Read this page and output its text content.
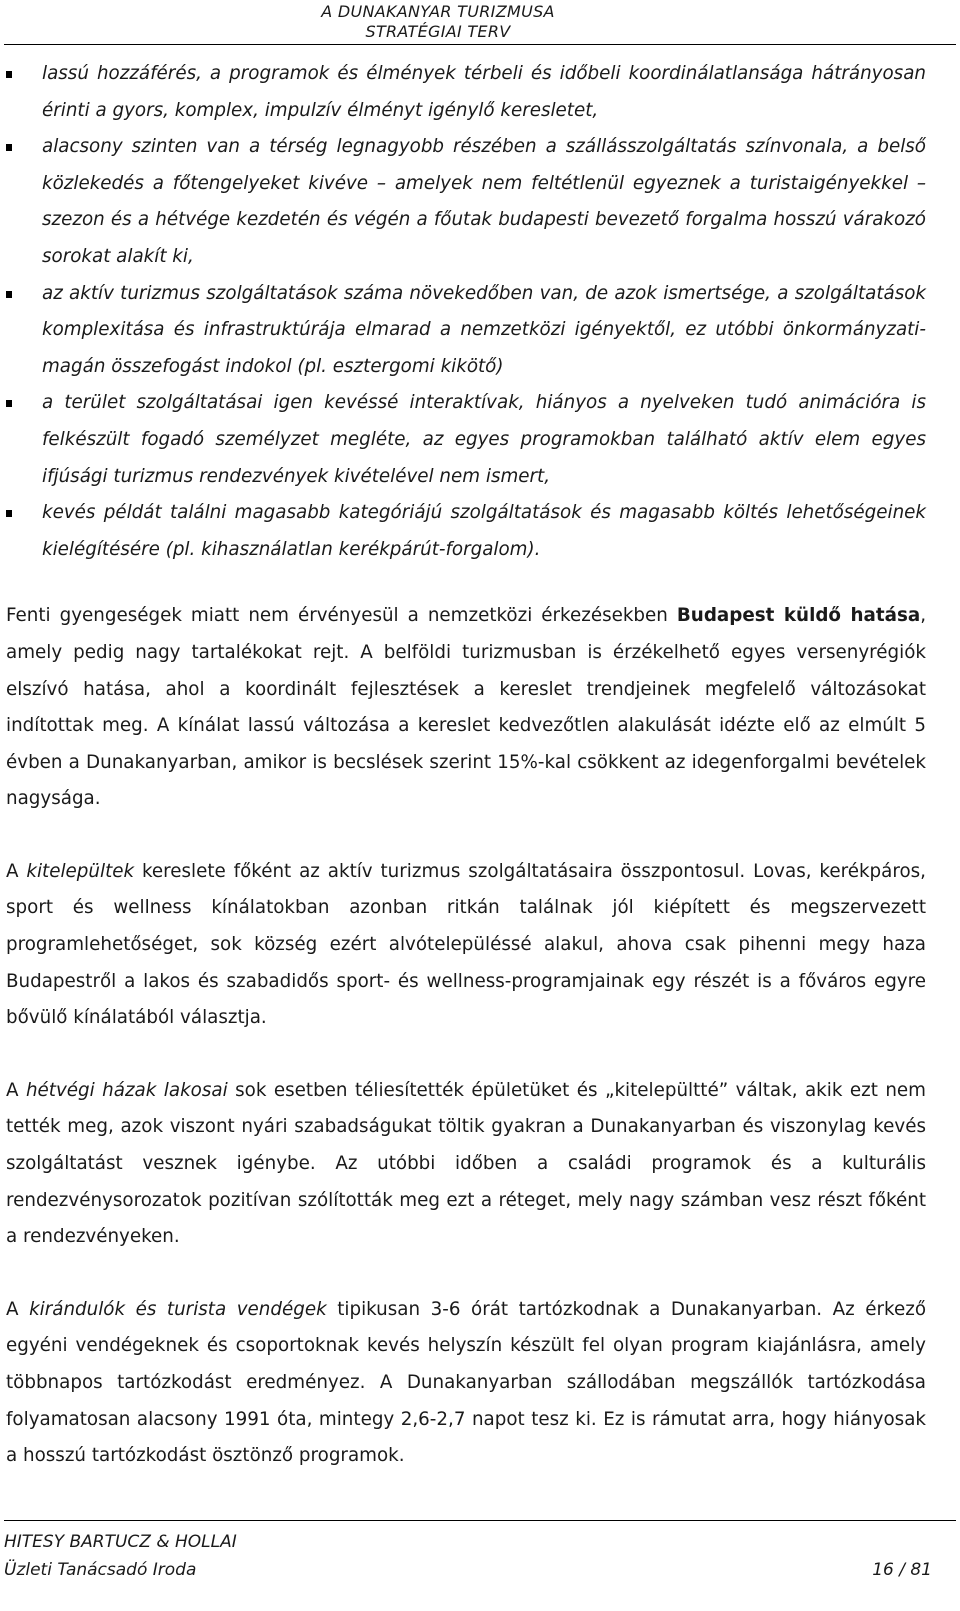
A DUNAKANYAR TURIZMUSA
STRATÉGIAI TERV
lassú hozzáférés, a programok és élmények térbeli és időbeli koordinálatlansága hátrányosan érinti a gyors, komplex, impulzív élményt igénylő keresletet,
alacsony szinten van a térség legnagyobb részében a szállásszolgáltatás színvonala, a belső közlekedés a főtengelyeket kivéve – amelyek nem feltétlenül egyeznek a turistaigényekkel – szezon és a hétvége kezdetén és végén a főutak budapesti bevezető forgalma hosszú várakozó sorokat alakít ki,
az aktív turizmus szolgáltatások száma növekedőben van, de azok ismertsége, a szolgáltatások komplexitása és infrastruktúrája elmarad a nemzetközi igényektől, ez utóbbi önkormányzati-magán összefogást indokol (pl. esztergomi kikötő)
a terület szolgáltatásai igen kevéssé interaktívak, hiányos a nyelveken tudó animációra is felkészült fogadó személyzet megléte, az egyes programokban található aktív elem egyes ifjúsági turizmus rendezvények kivételével nem ismert,
kevés példát találni magasabb kategóriájú szolgáltatások és magasabb költés lehetőségeinek kielégítésére (pl. kihasználatlan kerékpárút-forgalom).

Fenti gyengeségek miatt nem érvényesül a nemzetközi érkezésekben Budapest küldő hatása, amely pedig nagy tartalékokat rejt. A belföldi turizmusban is érzékelhető egyes versenyrégiók elszívó hatása, ahol a koordinált fejlesztések a kereslet trendjeinek megfelelő változásokat indítottak meg. A kínálat lassú változása a kereslet kedvezőtlen alakulását idézte elő az elmúlt 5 évben a Dunakanyarban, amikor is becslések szerint 15%-kal csökkent az idegenforgalmi bevételek nagysága.

A kitelepültek kereslete főként az aktív turizmus szolgáltatásaira összpontosul. Lovas, kerékpáros, sport és wellness kínálatokban azonban ritkán találnak jól kiépített és megszervezett programlehetőséget, sok község ezért alvótelepüléssé alakul, ahova csak pihenni megy haza Budapestről a lakos és szabadidős sport- és wellness-programjainak egy részét is a főváros egyre bővülő kínálatából választja.

A hétvégi házak lakosai sok esetben téliesítették épületüket és „kitelepültté” váltak, akik ezt nem tették meg, azok viszont nyári szabadságukat töltik gyakran a Dunakanyarban és viszonylag kevés szolgáltatást vesznek igénybe. Az utóbbi időben a családi programok és a kulturális rendezvénysorozatok pozitívan szólították meg ezt a réteget, mely nagy számban vesz részt főként a rendezvényeken.

A kirándulók és turista vendégek tipikusan 3-6 órát tartózkodnak a Dunakanyarban. Az érkező egyéni vendégeknek és csoportoknak kevés helyszín készült fel olyan program kiajánlásra, amely többnapos tartózkodást eredményez. A Dunakanyarban szállodában megszállók tartózkodása folyamatosan alacsony 1991 óta, mintegy 2,6-2,7 napot tesz ki. Ez is rámutat arra, hogy hiányosak a hosszú tartózkodást ösztönző programok.

HITESY BARTUCZ & HOLLAI
Üzleti Tanácsadó Iroda	16 / 81
